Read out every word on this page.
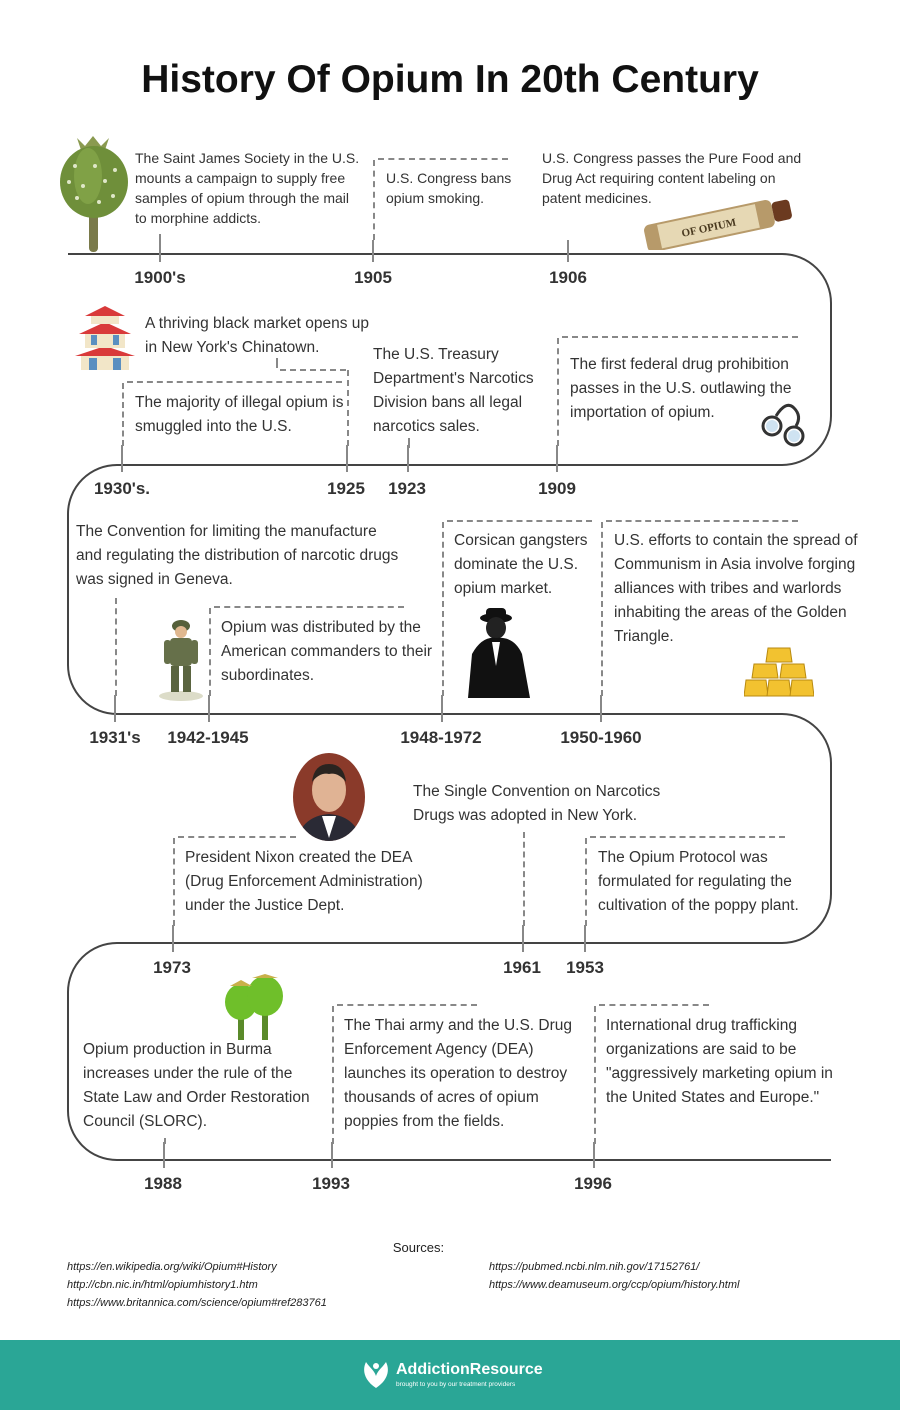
History Of Opium In 20th Century
The Saint James Society in the U.S. mounts a campaign to supply free samples of opium through the mail to morphine addicts.
U.S. Congress bans opium smoking.
U.S. Congress passes the Pure Food and Drug Act requiring content labeling on patent medicines.
The first federal drug prohibition passes in the U.S. outlawing the importation of opium.
The U.S. Treasury Department's Narcotics Division bans all legal narcotics sales.
A thriving black market opens up in New York's Chinatown.
The majority of illegal opium is smuggled into the U.S.
The Convention for limiting the manufacture and regulating the distribution of narcotic drugs was signed in Geneva.
Opium was distributed by the American commanders to their subordinates.
Corsican gangsters dominate the U.S. opium market.
U.S. efforts to contain the spread of Communism in Asia involve forging alliances with tribes and warlords inhabiting the areas of the Golden Triangle.
The Opium Protocol was formulated for regulating the cultivation of the poppy plant.
The Single Convention on Narcotics Drugs was adopted in New York.
President Nixon created the DEA (Drug Enforcement Administration) under the Justice Dept.
Opium production in Burma increases under the rule of the State Law and Order Restoration Council (SLORC).
The Thai army and the U.S. Drug Enforcement Agency (DEA) launches its operation to destroy thousands of acres of opium poppies from the fields.
International drug trafficking organizations are said to be "aggressively marketing opium in the United States and Europe."
1900's	1905	1906
1909
1923
1925
1930's.
1931's 1942-1945	1948-1972	1950-1960
1953
1961
1973
1988	1993	1996
OF OPIUM
Sources:
https://en.wikipedia.org/wiki/Opium#History
http://cbn.nic.in/html/opiumhistory1.htm
https://www.britannica.com/science/opium#ref283761
https://pubmed.ncbi.nlm.nih.gov/17152761/
https://www.deamuseum.org/ccp/opium/history.html
AddictionResource
brought to you by our treatment providers
